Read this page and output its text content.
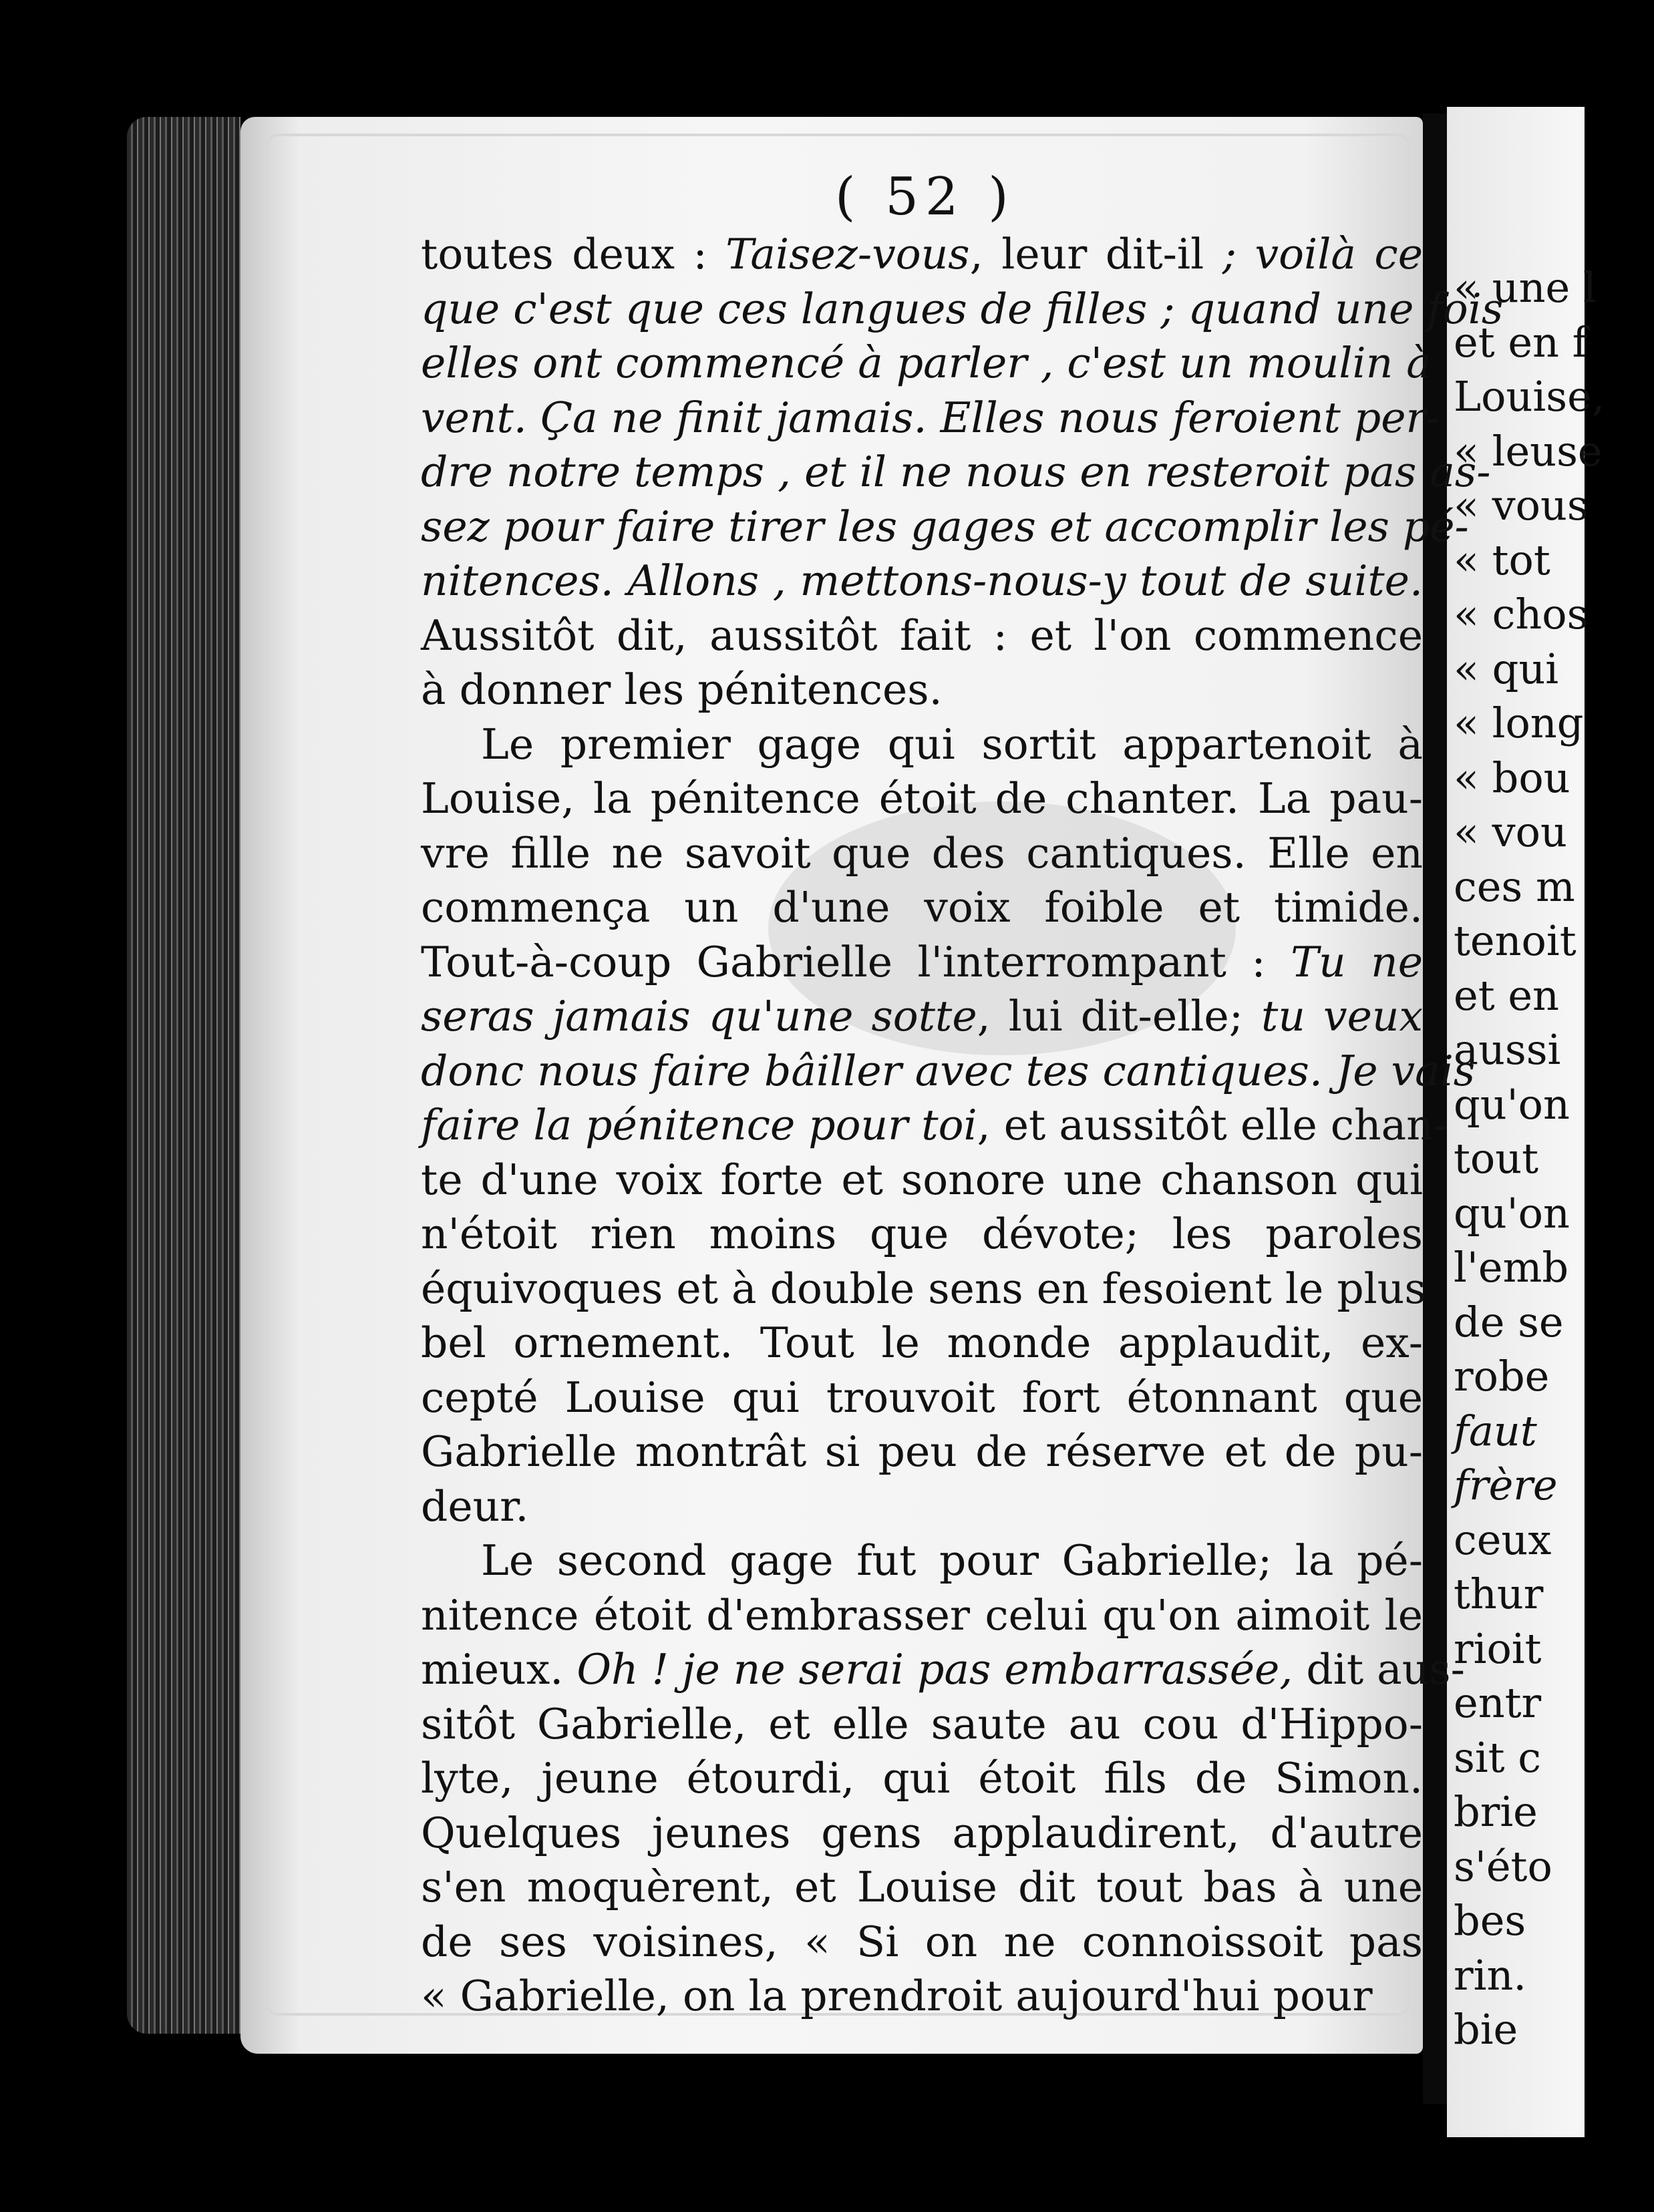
« une l
et en f
Louise,
« leuse
« vous
« tot
« chos
« qui
« long
« bou
« vou
ces m
tenoit
et en
aussi
qu'on
tout
qu'on
l'emb
de se
robe
faut
frère
ceux
thur
rioit
entr
sit c
brie
s'éto
bes
rin.
bie
( 52 )
toutes deux : Taisez-vous, leur dit-il ; voilà ce
que c'est que ces langues de filles ; quand une fois
elles ont commencé à parler , c'est un moulin à
vent. Ça ne finit jamais. Elles nous feroient per-
dre notre temps , et il ne nous en resteroit pas as-
sez pour faire tirer les gages et accomplir les pé-
nitences. Allons , mettons-nous-y tout de suite.
Aussitôt dit, aussitôt fait : et l'on commence
à donner les pénitences.
Le premier gage qui sortit appartenoit à
Louise, la pénitence étoit de chanter. La pau-
vre fille ne savoit que des cantiques. Elle en
commença un d'une voix foible et timide.
Tout-à-coup Gabrielle l'interrompant : Tu ne
seras jamais qu'une sotte, lui dit-elle; tu veux
donc nous faire bâiller avec tes cantiques. Je vais
faire la pénitence pour toi, et aussitôt elle chan-
te d'une voix forte et sonore une chanson qui
n'étoit rien moins que dévote; les paroles
équivoques et à double sens en fesoient le plus
bel ornement. Tout le monde applaudit, ex-
cepté Louise qui trouvoit fort étonnant que
Gabrielle montrât si peu de réserve et de pu-
deur.
Le second gage fut pour Gabrielle; la pé-
nitence étoit d'embrasser celui qu'on aimoit le
mieux. Oh ! je ne serai pas embarrassée, dit aus-
sitôt Gabrielle, et elle saute au cou d'Hippo-
lyte, jeune étourdi, qui étoit fils de Simon.
Quelques jeunes gens applaudirent, d'autre
s'en moquèrent, et Louise dit tout bas à une
de ses voisines, « Si on ne connoissoit pas
« Gabrielle, on la prendroit aujourd'hui pour
